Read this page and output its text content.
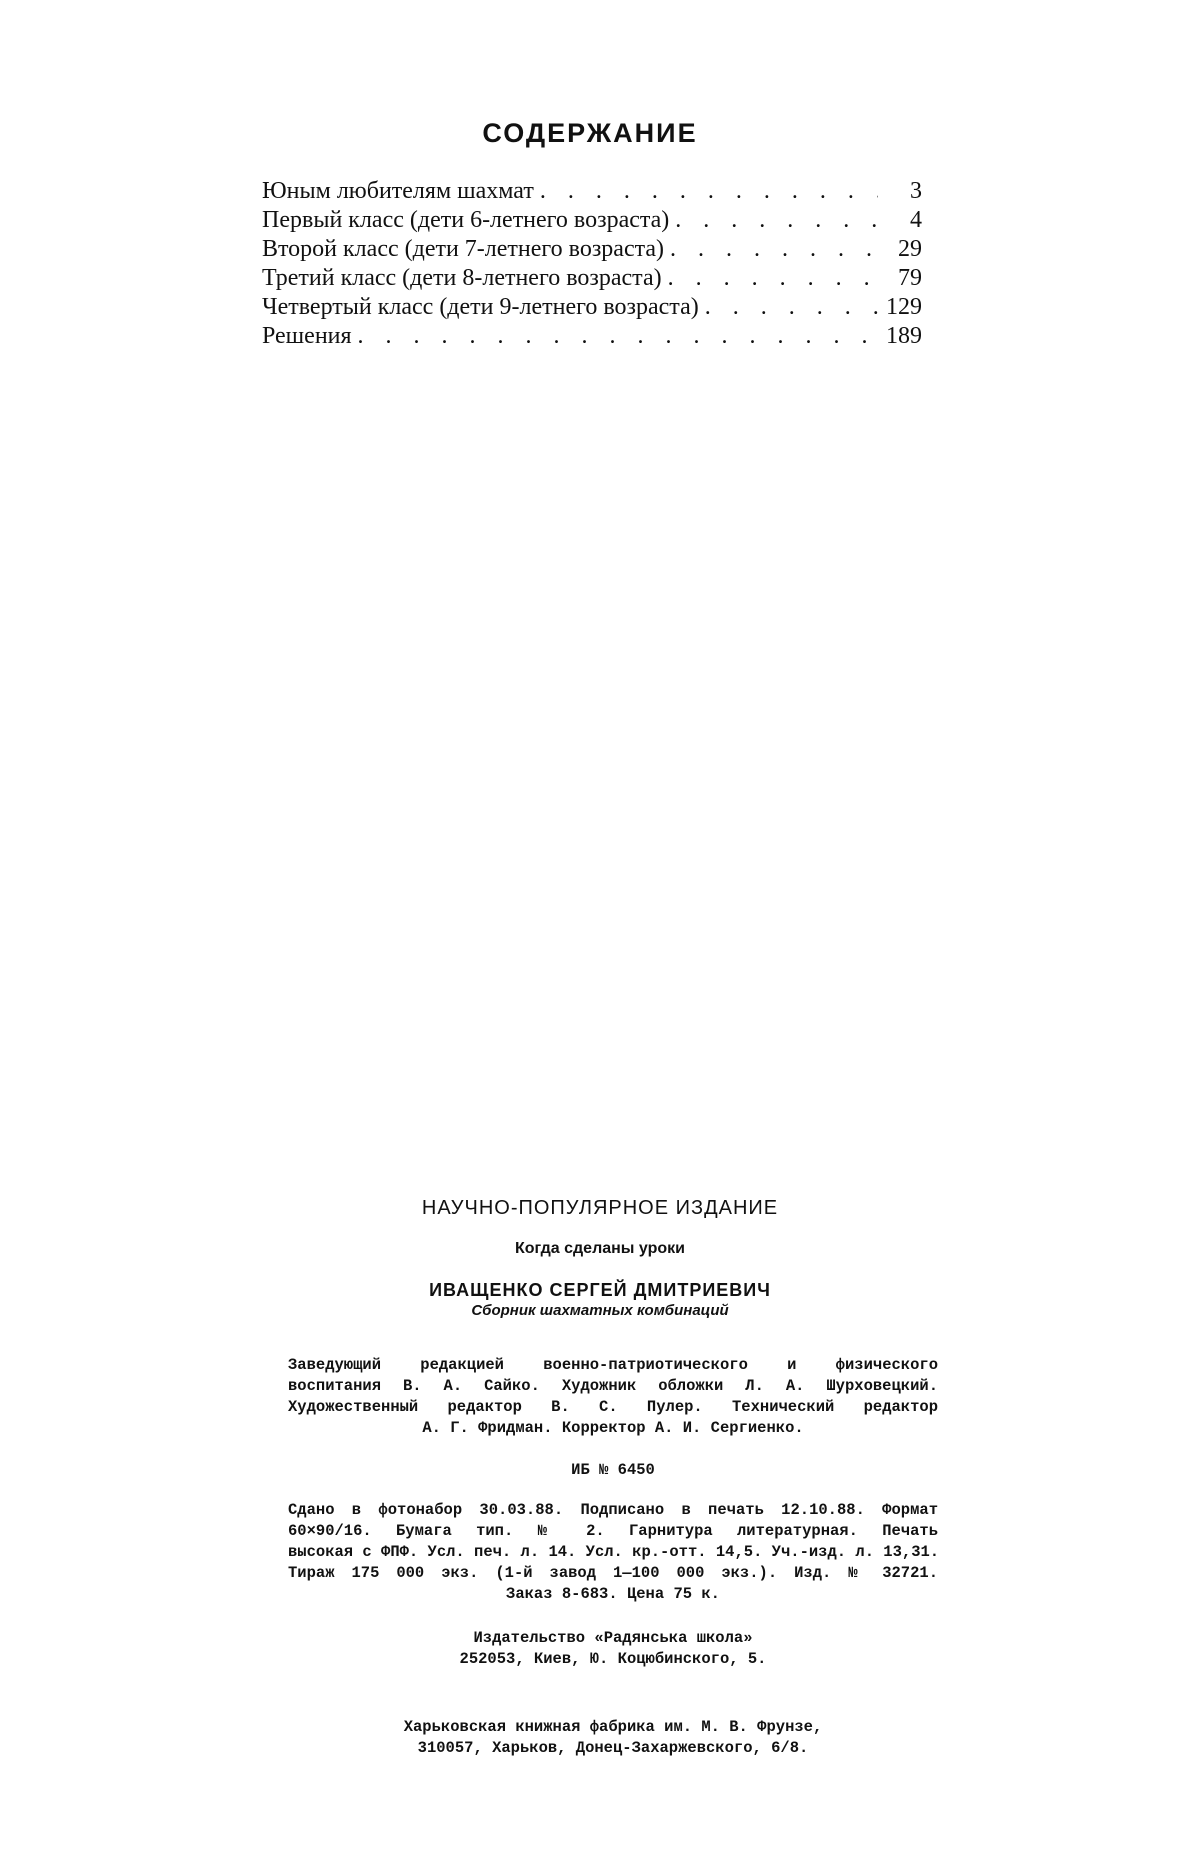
СОДЕРЖАНИЕ
Юным любителям шахмат . . .	3
Первый класс (дети 6-летнего возраста) . . .	4
Второй класс (дети 7-летнего возраста) . . .	29
Третий класс (дети 8-летнего возраста) . . .	79
Четвертый класс (дети 9-летнего возраста) . . .	129
Решения . . .	189
НАУЧНО-ПОПУЛЯРНОЕ ИЗДАНИЕ
Когда сделаны уроки
ИВАЩЕНКО СЕРГЕЙ ДМИТРИЕВИЧ
Сборник шахматных комбинаций
Заведующий редакцией военно-патриотического и физического
воспитания В. А. Сайко. Художник обложки Л. А. Шурховецкий.
Художественный редактор В. С. Пулер. Технический редактор
А. Г. Фридман. Корректор А. И. Сергиенко.
ИБ № 6450
Сдано в фотонабор 30.03.88. Подписано в печать 12.10.88. Формат
60×90/16. Бумага тип. № 2. Гарнитура литературная. Печать
высокая с ФПФ. Усл. печ. л. 14. Усл. кр.-отт. 14,5. Уч.-изд. л. 13,31.
Тираж 175 000 экз. (1-й завод 1—100 000 экз.). Изд. № 32721.
Заказ 8-683. Цена 75 к.
Издательство «Радянська школа»
252053, Киев, Ю. Коцюбинского, 5.
Харьковская книжная фабрика им. М. В. Фрунзе,
310057, Харьков, Донец-Захаржевского, 6/8.
